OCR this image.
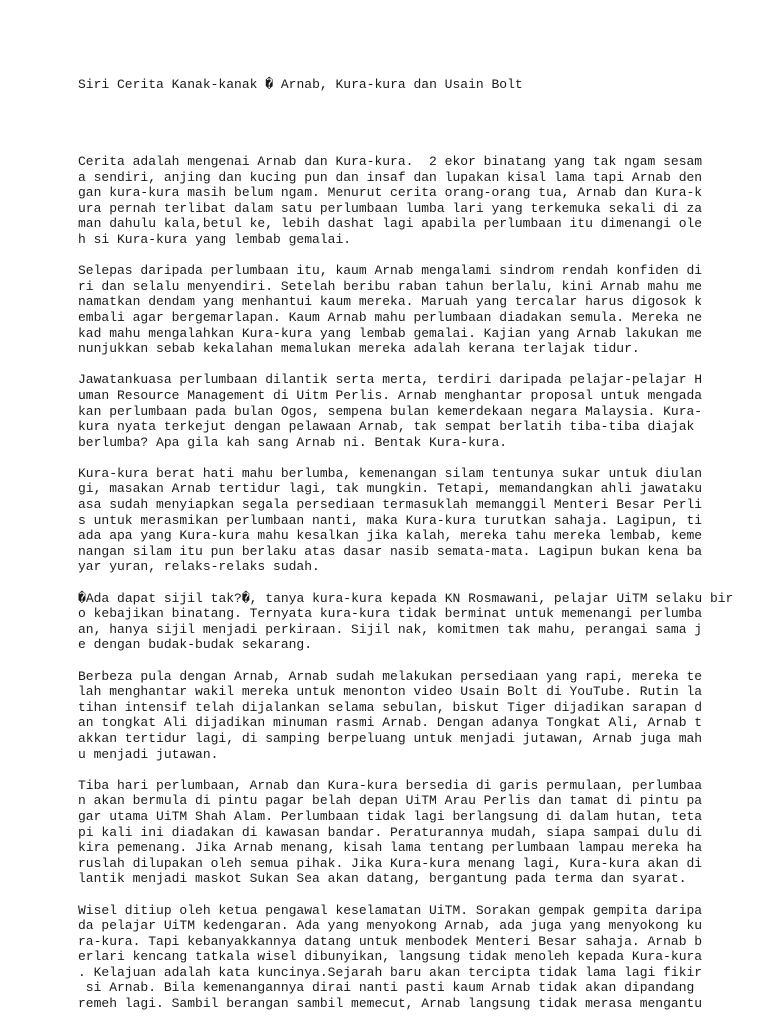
Siri Cerita Kanak-kanak � Arnab, Kura-kura dan Usain Bolt
Cerita adalah mengenai Arnab dan Kura-kura.  2 ekor binatang yang tak ngam sesam
a sendiri, anjing dan kucing pun dan insaf dan lupakan kisal lama tapi Arnab den
gan kura-kura masih belum ngam. Menurut cerita orang-orang tua, Arnab dan Kura-k
ura pernah terlibat dalam satu perlumbaan lumba lari yang terkemuka sekali di za
man dahulu kala,betul ke, lebih dashat lagi apabila perlumbaan itu dimenangi ole
h si Kura-kura yang lembab gemalai.
Selepas daripada perlumbaan itu, kaum Arnab mengalami sindrom rendah konfiden di
ri dan selalu menyendiri. Setelah beribu raban tahun berlalu, kini Arnab mahu me
namatkan dendam yang menhantui kaum mereka. Maruah yang tercalar harus digosok k
embali agar bergemarlapan. Kaum Arnab mahu perlumbaan diadakan semula. Mereka ne
kad mahu mengalahkan Kura-kura yang lembab gemalai. Kajian yang Arnab lakukan me
nunjukkan sebab kekalahan memalukan mereka adalah kerana terlajak tidur.
Jawatankuasa perlumbaan dilantik serta merta, terdiri daripada pelajar-pelajar H
uman Resource Management di Uitm Perlis. Arnab menghantar proposal untuk mengada
kan perlumbaan pada bulan Ogos, sempena bulan kemerdekaan negara Malaysia. Kura-
kura nyata terkejut dengan pelawaan Arnab, tak sempat berlatih tiba-tiba diajak
berlumba? Apa gila kah sang Arnab ni. Bentak Kura-kura.
Kura-kura berat hati mahu berlumba, kemenangan silam tentunya sukar untuk diulan
gi, masakan Arnab tertidur lagi, tak mungkin. Tetapi, memandangkan ahli jawataku
asa sudah menyiapkan segala persediaan termasuklah memanggil Menteri Besar Perli
s untuk merasmikan perlumbaan nanti, maka Kura-kura turutkan sahaja. Lagipun, ti
ada apa yang Kura-kura mahu kesalkan jika kalah, mereka tahu mereka lembab, keme
nangan silam itu pun berlaku atas dasar nasib semata-mata. Lagipun bukan kena ba
yar yuran, relaks-relaks sudah.
�Ada dapat sijil tak?�, tanya kura-kura kepada KN Rosmawani, pelajar UiTM selaku bir
o kebajikan binatang. Ternyata kura-kura tidak berminat untuk memenangi perlumba
an, hanya sijil menjadi perkiraan. Sijil nak, komitmen tak mahu, perangai sama j
e dengan budak-budak sekarang.
Berbeza pula dengan Arnab, Arnab sudah melakukan persediaan yang rapi, mereka te
lah menghantar wakil mereka untuk menonton video Usain Bolt di YouTube. Rutin la
tihan intensif telah dijalankan selama sebulan, biskut Tiger dijadikan sarapan d
an tongkat Ali dijadikan minuman rasmi Arnab. Dengan adanya Tongkat Ali, Arnab t
akkan tertidur lagi, di samping berpeluang untuk menjadi jutawan, Arnab juga mah
u menjadi jutawan.
Tiba hari perlumbaan, Arnab dan Kura-kura bersedia di garis permulaan, perlumbaa
n akan bermula di pintu pagar belah depan UiTM Arau Perlis dan tamat di pintu pa
gar utama UiTM Shah Alam. Perlumbaan tidak lagi berlangsung di dalam hutan, teta
pi kali ini diadakan di kawasan bandar. Peraturannya mudah, siapa sampai dulu di
kira pemenang. Jika Arnab menang, kisah lama tentang perlumbaan lampau mereka ha
ruslah dilupakan oleh semua pihak. Jika Kura-kura menang lagi, Kura-kura akan di
lantik menjadi maskot Sukan Sea akan datang, bergantung pada terma dan syarat.
Wisel ditiup oleh ketua pengawal keselamatan UiTM. Sorakan gempak gempita daripa
da pelajar UiTM kedengaran. Ada yang menyokong Arnab, ada juga yang menyokong ku
ra-kura. Tapi kebanyakkannya datang untuk menbodek Menteri Besar sahaja. Arnab b
erlari kencang tatkala wisel dibunyikan, langsung tidak menoleh kepada Kura-kura
. Kelajuan adalah kata kuncinya.Sejarah baru akan tercipta tidak lama lagi fikir
si Arnab. Bila kemenangannya dirai nanti pasti kaum Arnab tidak akan dipandang
remeh lagi. Sambil berangan sambil memecut, Arnab langsung tidak merasa mengantu
